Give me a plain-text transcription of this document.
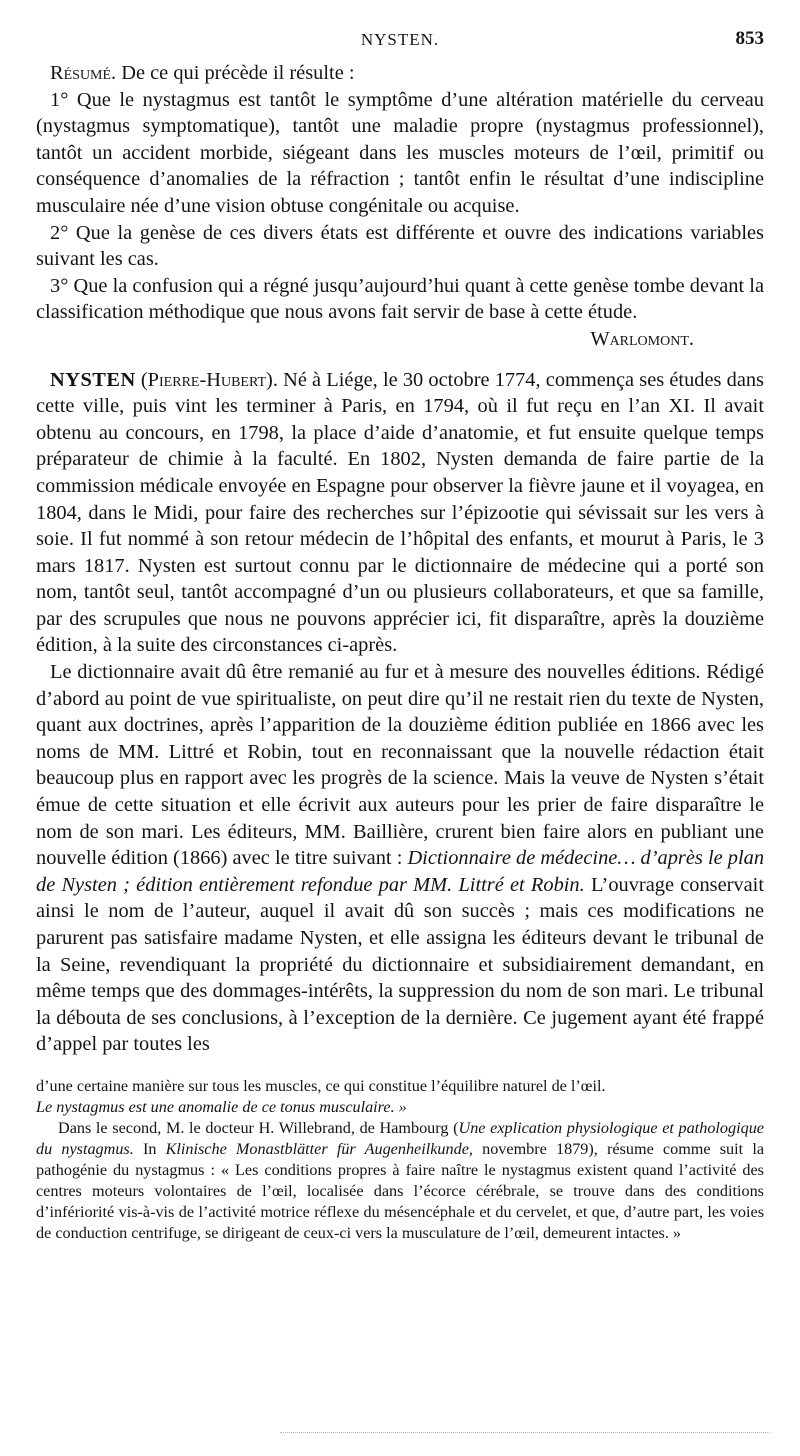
NYSTEN.	853

Résumé. De ce qui précède il résulte :

1° Que le nystagmus est tantôt le symptôme d’une altération matérielle du cerveau (nystagmus symptomatique), tantôt une maladie propre (nystagmus professionnel), tantôt un accident morbide, siégeant dans les muscles moteurs de l’œil, primitif ou conséquence d’anomalies de la réfraction ; tantôt enfin le résultat d’une indiscipline musculaire née d’une vision obtuse congénitale ou acquise.

2° Que la genèse de ces divers états est différente et ouvre des indications variables suivant les cas.

3° Que la confusion qui a régné jusqu’aujourd’hui quant à cette genèse tombe devant la classification méthodique que nous avons fait servir de base à cette étude.
Warlomont.

NYSTEN (Pierre-Hubert). Né à Liége, le 30 octobre 1774, commença ses études dans cette ville, puis vint les terminer à Paris, en 1794, où il fut reçu en l’an XI. Il avait obtenu au concours, en 1798, la place d’aide d’anatomie, et fut ensuite quelque temps préparateur de chimie à la faculté. En 1802, Nysten demanda de faire partie de la commission médicale envoyée en Espagne pour observer la fièvre jaune et il voyagea, en 1804, dans le Midi, pour faire des recherches sur l’épizootie qui sévissait sur les vers à soie. Il fut nommé à son retour médecin de l’hôpital des enfants, et mourut à Paris, le 3 mars 1817. Nysten est surtout connu par le dictionnaire de médecine qui a porté son nom, tantôt seul, tantôt accompagné d’un ou plusieurs collaborateurs, et que sa famille, par des scrupules que nous ne pouvons apprécier ici, fit disparaître, après la douzième édition, à la suite des circonstances ci-après.

Le dictionnaire avait dû être remanié au fur et à mesure des nouvelles éditions. Rédigé d’abord au point de vue spiritualiste, on peut dire qu’il ne restait rien du texte de Nysten, quant aux doctrines, après l’apparition de la douzième édition publiée en 1866 avec les noms de MM. Littré et Robin, tout en reconnaissant que la nouvelle rédaction était beaucoup plus en rapport avec les progrès de la science. Mais la veuve de Nysten s’était émue de cette situation et elle écrivit aux auteurs pour les prier de faire disparaître le nom de son mari. Les éditeurs, MM. Baillière, crurent bien faire alors en publiant une nouvelle édition (1866) avec le titre suivant : Dictionnaire de médecine… d’après le plan de Nysten ; édition entièrement refondue par MM. Littré et Robin. L’ouvrage conservait ainsi le nom de l’auteur, auquel il avait dû son succès ; mais ces modifications ne parurent pas satisfaire madame Nysten, et elle assigna les éditeurs devant le tribunal de la Seine, revendiquant la propriété du dictionnaire et subsidiairement demandant, en même temps que des dommages-intérêts, la suppression du nom de son mari. Le tribunal la débouta de ses conclusions, à l’exception de la dernière. Ce jugement ayant été frappé d’appel par toutes les

d’une certaine manière sur tous les muscles, ce qui constitue l’équilibre naturel de l’œil.

Le nystagmus est une anomalie de ce tonus musculaire. »

Dans le second, M. le docteur H. Willebrand, de Hambourg (Une explication physiologique et pathologique du nystagmus. In Klinische Monastblätter für Augenheilkunde, novembre 1879), résume comme suit la pathogénie du nystagmus : « Les conditions propres à faire naître le nystagmus existent quand l’activité des centres moteurs volontaires de l’œil, localisée dans l’écorce cérébrale, se trouve dans des conditions d’infériorité vis-à-vis de l’activité motrice réflexe du mésencéphale et du cervelet, et que, d’autre part, les voies de conduction centrifuge, se dirigeant de ceux-ci vers la musculature de l’œil, demeurent intactes. »
